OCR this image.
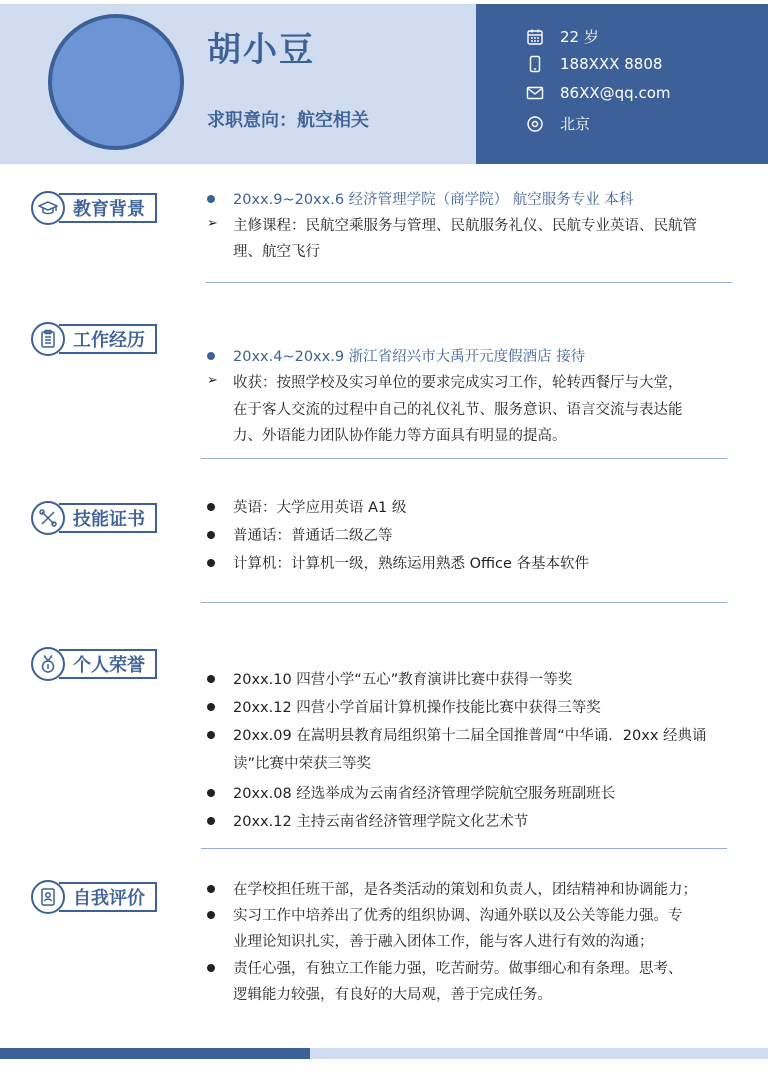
胡小豆
求职意向：航空相关
22 岁
188XXX 8808
86XX@qq.com
北京
教育背景	20xx.9~20xx.6 经济管理学院（商学院） 航空服务专业 本科
➢ 主修课程：民航空乘服务与管理、民航服务礼仪、民航专业英语、民航管
理、航空飞行
工作经历
20xx.4~20xx.9 浙江省绍兴市大禹开元度假酒店 接待
➢ 收获：按照学校及实习单位的要求完成实习工作，轮转西餐厅与大堂，
在于客人交流的过程中自己的礼仪礼节、服务意识、语言交流与表达能
力、外语能力团队协作能力等方面具有明显的提高。
技能证书
英语：大学应用英语 A1 级
普通话：普通话二级乙等
计算机：计算机一级，熟练运用熟悉 Office 各基本软件
个人荣誉
20xx.10 四营小学“五心”教育演讲比赛中获得一等奖
20xx.12 四营小学首届计算机操作技能比赛中获得三等奖
20xx.09 在嵩明县教育局组织第十二届全国推普周“中华诵．20xx 经典诵
读”比赛中荣获三等奖
20xx.08 经选举成为云南省经济管理学院航空服务班副班长
20xx.12 主持云南省经济管理学院文化艺术节
自我评价	在学校担任班干部，是各类活动的策划和负责人，团结精神和协调能力；
实习工作中培养出了优秀的组织协调、沟通外联以及公关等能力强。专
业理论知识扎实，善于融入团体工作，能与客人进行有效的沟通；
责任心强，有独立工作能力强，吃苦耐劳。做事细心和有条理。思考、
逻辑能力较强，有良好的大局观，善于完成任务。
